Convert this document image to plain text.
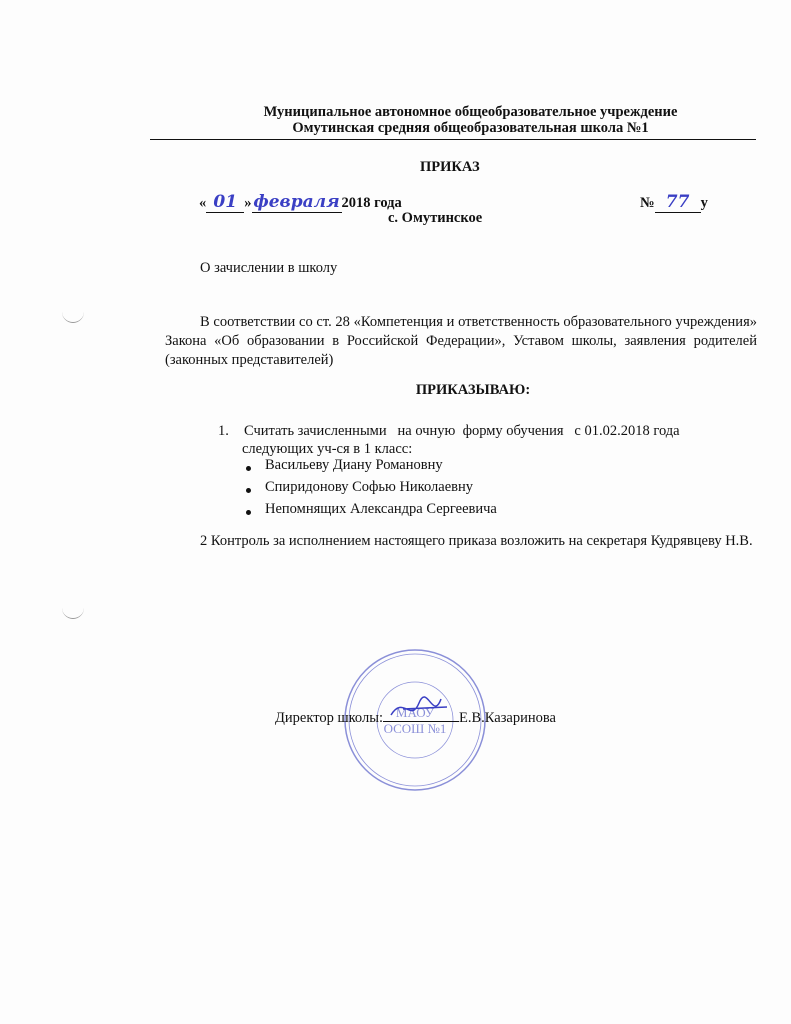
Муниципальное автономное общеобразовательное учреждение
Омутинская средняя общеобразовательная школа №1
ПРИКАЗ
« 01 » февраля 2018 года	№ 77 у
с. Омутинское
О зачислении в школу
В соответствии со ст. 28 «Компетенция и ответственность образовательного учреждения» Закона «Об образовании в Российской Федерации», Уставом школы, заявления родителей (законных представителей)
ПРИКАЗЫВАЮ:
1. Считать зачисленными   на очную  форму обучения   с 01.02.2018 года
следующих уч-ся в 1 класс:
Васильеву Диану Романовну
Спиридонову Софью Николаевну
Непомнящих Александра Сергеевича
2 Контроль за исполнением настоящего приказа возложить на секретаря Кудрявцеву Н.В.
МАОУ
ОСОШ №1
Директор школы:	Е.В.Казаринова
